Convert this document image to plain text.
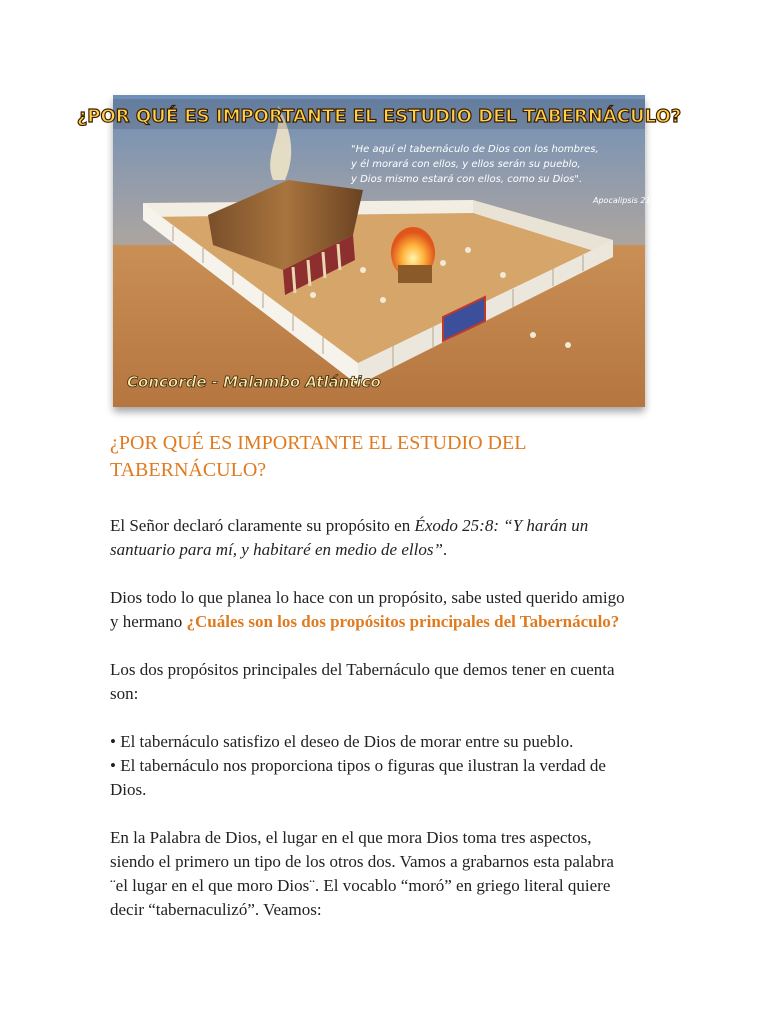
¿POR QUÉ ES IMPORTANTE EL ESTUDIO DEL TABERNÁCULO?
"He aquí el tabernáculo de Dios con los hombres, y él morará con ellos, y ellos serán su pueblo, y Dios mismo estará con ellos, como su Dios".
Apocalipsis 21:3
Concorde - Malambo Atlántico
¿POR QUÉ ES IMPORTANTE EL ESTUDIO DEL TABERNÁCULO?

El Señor declaró claramente su propósito en Éxodo 25:8: “Y harán un santuario para mí, y habitaré en medio de ellos”.

Dios todo lo que planea lo hace con un propósito, sabe usted querido amigo y hermano ¿Cuáles son los dos propósitos principales del Tabernáculo?

Los dos propósitos principales del Tabernáculo que demos tener en cuenta son:

• El tabernáculo satisfizo el deseo de Dios de morar entre su pueblo.
• El tabernáculo nos proporciona tipos o figuras que ilustran la verdad de Dios.

En la Palabra de Dios, el lugar en el que mora Dios toma tres aspectos, siendo el primero un tipo de los otros dos. Vamos a grabarnos esta palabra ¨el lugar en el que moro Dios¨. El vocablo “moró” en griego literal quiere decir “tabernaculizó”. Veamos:
